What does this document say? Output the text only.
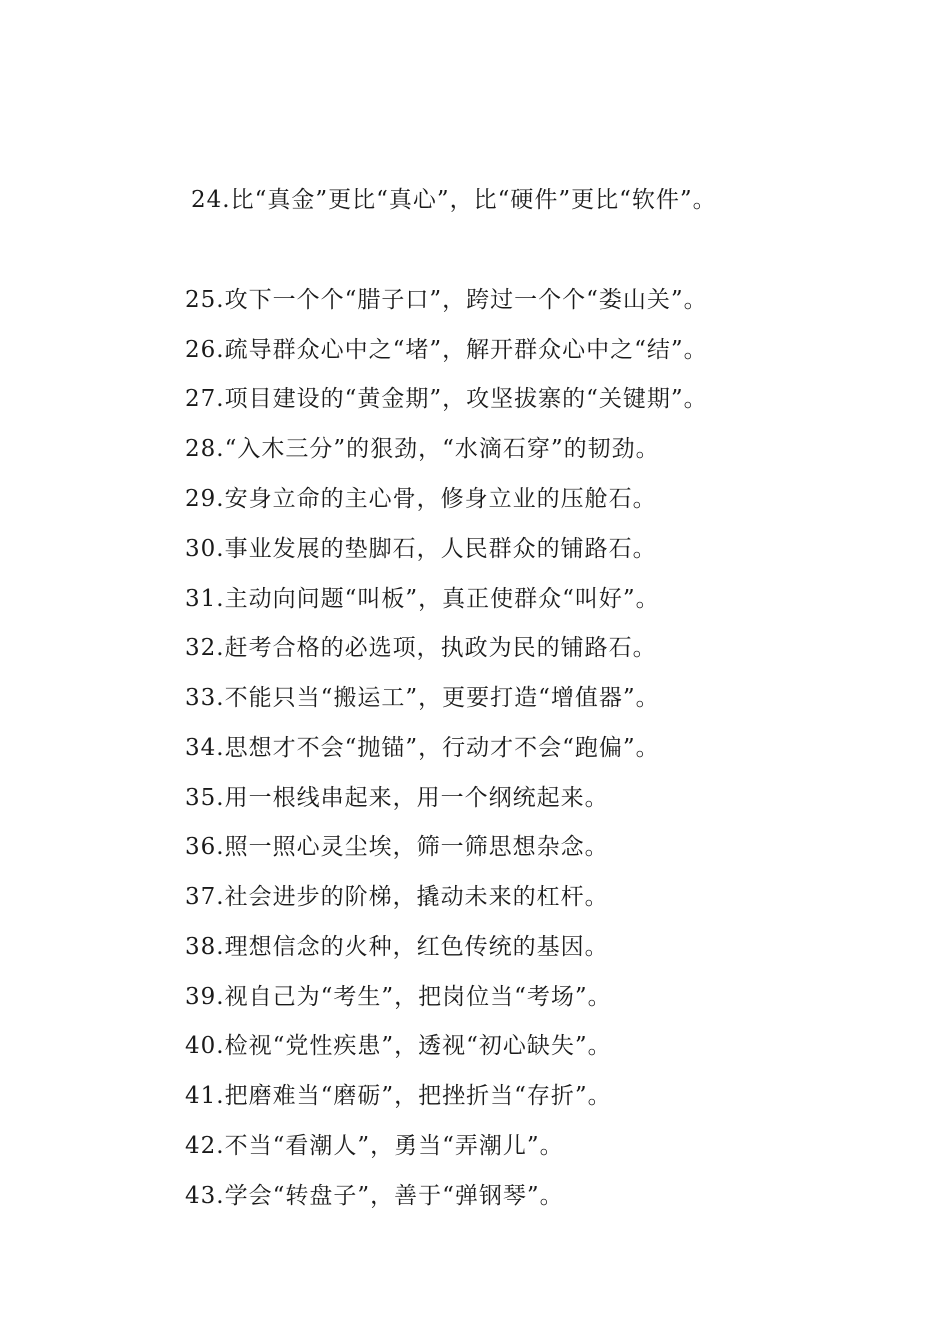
24.比“真金”更比“真心”，比“硬件”更比“软件”。

25.攻下一个个“腊子口”，跨过一个个“娄山关”。

26.疏导群众心中之“堵”，解开群众心中之“结”。

27.项目建设的“黄金期”，攻坚拔寨的“关键期”。

28.“入木三分”的狠劲，“水滴石穿”的韧劲。

29.安身立命的主心骨，修身立业的压舱石。

30.事业发展的垫脚石，人民群众的铺路石。

31.主动向问题“叫板”，真正使群众“叫好”。

32.赶考合格的必选项，执政为民的铺路石。

33.不能只当“搬运工”，更要打造“增值器”。

34.思想才不会“抛锚”，行动才不会“跑偏”。

35.用一根线串起来，用一个纲统起来。

36.照一照心灵尘埃，筛一筛思想杂念。

37.社会进步的阶梯，撬动未来的杠杆。

38.理想信念的火种，红色传统的基因。

39.视自己为“考生”，把岗位当“考场”。

40.检视“党性疾患”，透视“初心缺失”。

41.把磨难当“磨砺”，把挫折当“存折”。

42.不当“看潮人”，勇当“弄潮儿”。

43.学会“转盘子”，善于“弹钢琴”。
